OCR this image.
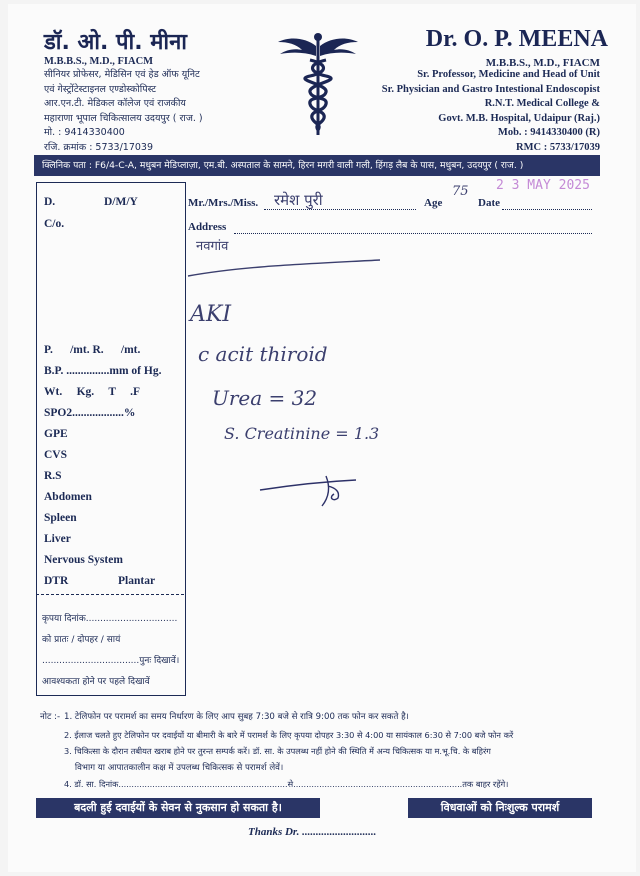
डॉ. ओ. पी. मीना
M.B.B.S., M.D., FIACM
सीनियर प्रोफेसर, मेडिसिन एवं हेड ऑफ यूनिट
एवं गेस्ट्रोंटेस्टाइनल एण्डोस्कोपिस्ट
आर.एन.टी. मेडिकल कॉलेज एवं राजकीय
महाराणा भूपाल चिकित्सालय उदयपुर ( राज. )
मो. : 9414330400
रजि. क्रमांक : 5733/17039
Dr. O. P. MEENA
M.B.B.S., M.D., FIACM
Sr. Professor, Medicine and Head of Unit
Sr. Physician and Gastro Intestional Endoscopist
R.N.T. Medical College &
Govt. M.B. Hospital, Udaipur (Raj.)
Mob. : 9414330400 (R)
RMC : 5733/17039
क्लिनिक पता : F6/4-C-A, मधुबन मेडिप्लाज़ा, एम.बी. अस्पताल के सामने, हिरन मगरी वाली गली, हिंगड़ लैब के पास, मधुबन, उदयपुर ( राज. )
D.	D/M/Y
C/o.
P.      /mt. R.      /mt.
B.P. ...............mm of Hg.
Wt.     Kg.     T     .F
SPO2..................%
GPE
CVS
R.S
Abdomen
Spleen
Liver
Nervous System
DTR	Plantar
कृपया दिनांक................................
को प्रातः / दोपहर / सायं
..................................पुनः दिखावें।
आवश्यकता होने पर पहले दिखावें
Mr./Mrs./Miss. रमेश पुरी	Age
75
Date
2 3 MAY 2025
Address
नवगांव
AKI
c acit thiroid
Urea = 32
S. Creatinine = 1.3
नोट :- 1. टेलिफोन पर परामर्श का समय निर्धारण के लिए आप सुबह 7:30 बजे से रात्रि 9:00 तक फोन कर सकते है।
2. ईलाज चलते हुए टेलिफोन पर दवाईयों या बीमारी के बारे में परामर्श के लिए कृपया दोपहर 3:30 से 4:00 या सायंकाल 6:30 से 7:00 बजे फोन करें
3. चिकित्सा के दौरान तबीयत खराब होने पर तुरन्त सम्पर्क करें। डॉ. सा. के उपलब्ध नहीं होने की स्थिति में अन्य चिकित्सक या म.भू.चि. के बहिरंग
विभाग या आपातकालीन कक्ष में उपलब्ध चिकित्सक से परामर्श लेवें।
4. डॉ. सा. दिनांक.................................................................से.................................................................तक बाहर रहेंगे।
बदली हुई दवाईयों के सेवन से नुकसान हो सकता है।	विधवाओं को निःशुल्क परामर्श
Thanks Dr. ...........................
